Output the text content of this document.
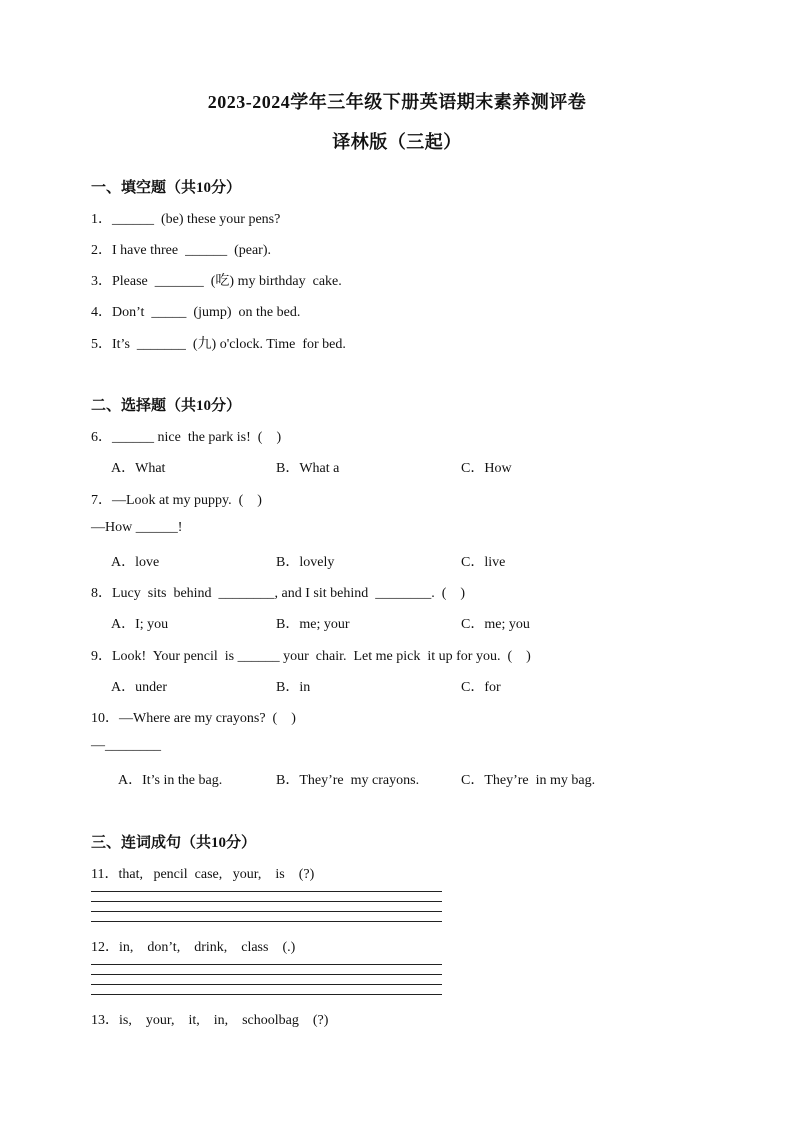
2023-2024学年三年级下册英语期末素养测评卷
译林版（三起）
一、填空题（共10分）
1．______  (be) these your pens?
2．I have three  ______  (pear).
3．Please  _______  (吃) my birthday  cake.
4．Don’t  _____  (jump)  on the bed.
5．It’s  _______  (九) o'clock. Time  for bed.
二、选择题（共10分）
6．______ nice  the park is!  (    )
A．What	B．What a	C．How
7．—Look at my puppy.  (    )
—How ______!
A．love	B．lovely	C．live
8．Lucy  sits  behind  ________, and I sit behind  ________.  (    )
A．I; you	B．me; your	C．me; you
9．Look!  Your pencil  is ______ your  chair.  Let me pick  it up for you.  (    )
A．under	B．in	C．for
10．—Where are my crayons?  (    )
—________
A．It’s in the bag.	B．They’re  my crayons.	C．They’re  in my bag.
三、连词成句（共10分）
11．that,   pencil  case,   your,    is    (?)
12．in,    don’t,    drink,    class    (.)
13．is,    your,    it,    in,    schoolbag    (?)
